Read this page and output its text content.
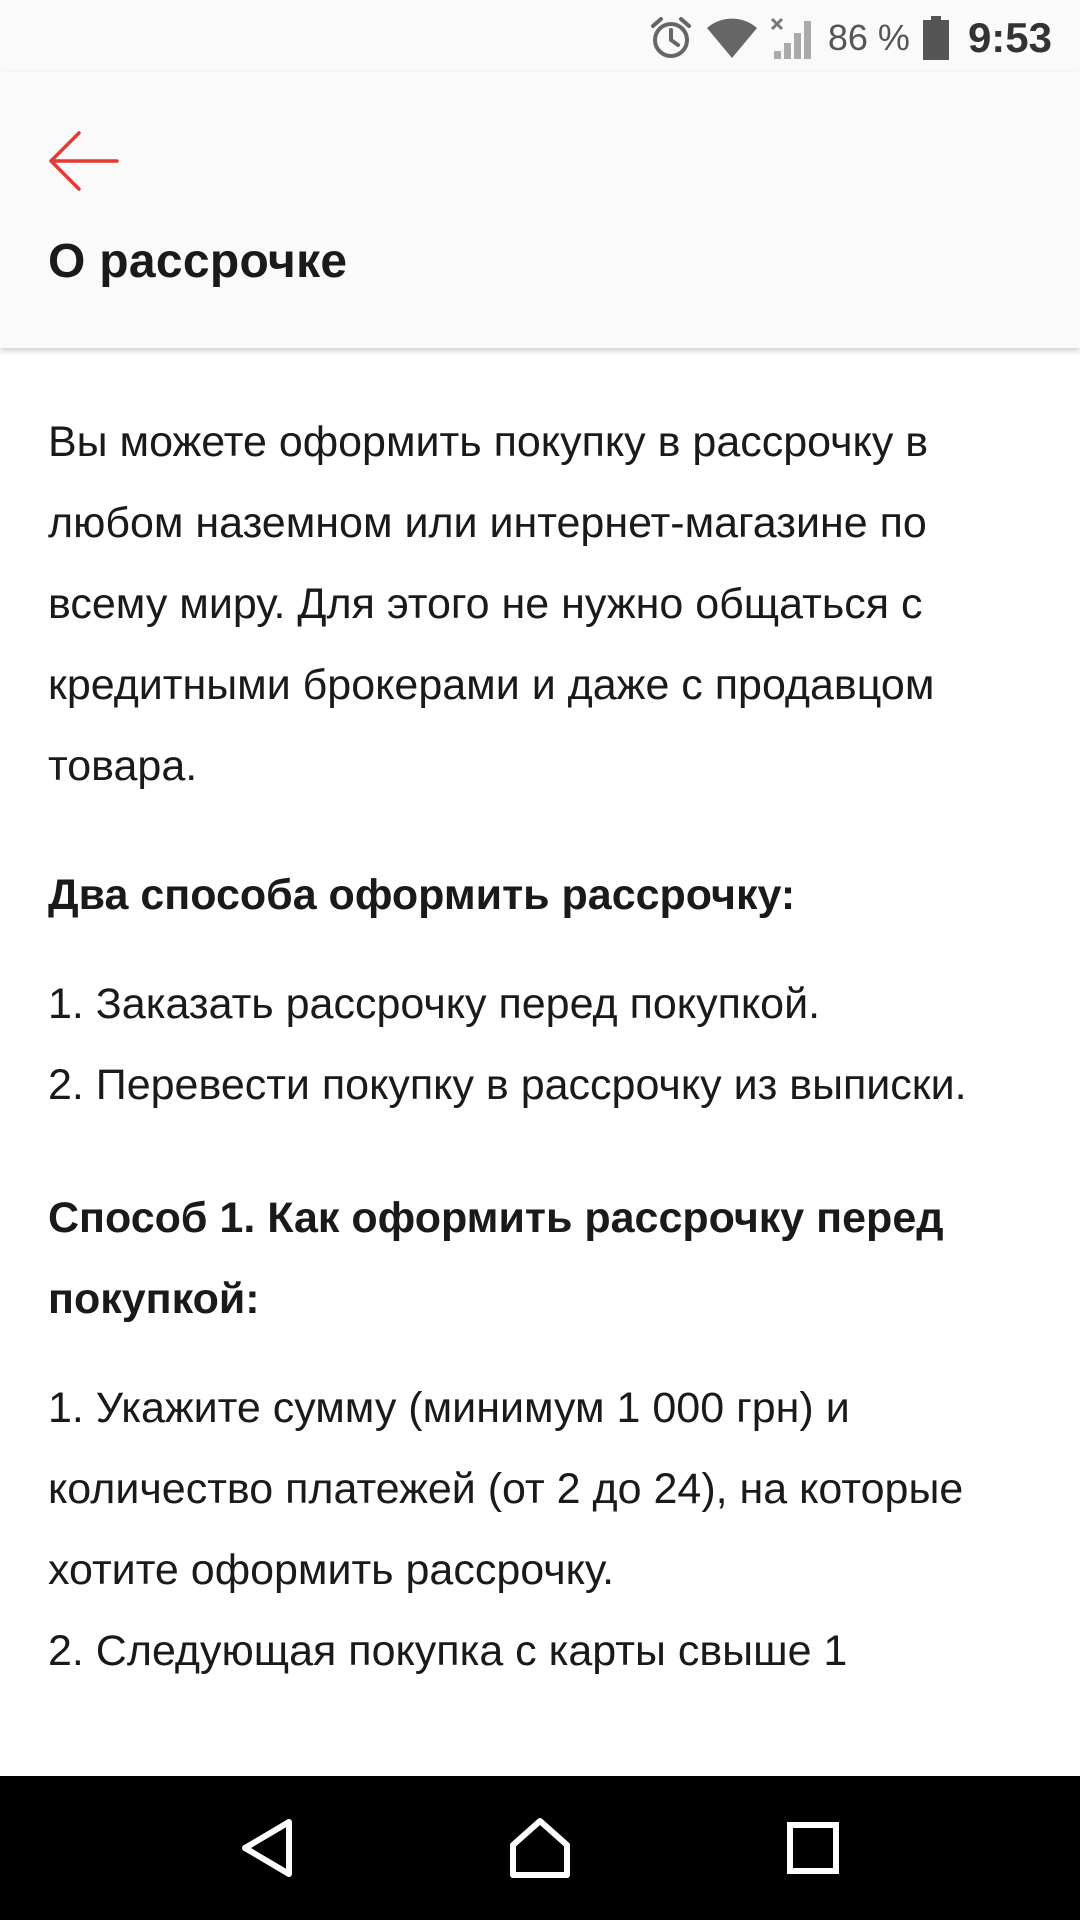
86 % 9:53
О рассрочке

Вы можете оформить покупку в рассрочку в любом наземном или интернет-магазине по всему миру. Для этого не нужно общаться с кредитными брокерами и даже с продавцом товара.

Два способа оформить рассрочку:
1. Заказать рассрочку перед покупкой.
2. Перевести покупку в рассрочку из выписки.
Способ 1. Как оформить рассрочку перед покупкой:
1. Укажите сумму (минимум 1 000 грн) и количество платежей (от 2 до 24), на которые хотите оформить рассрочку.
2. Следующая покупка с карты свыше 1
